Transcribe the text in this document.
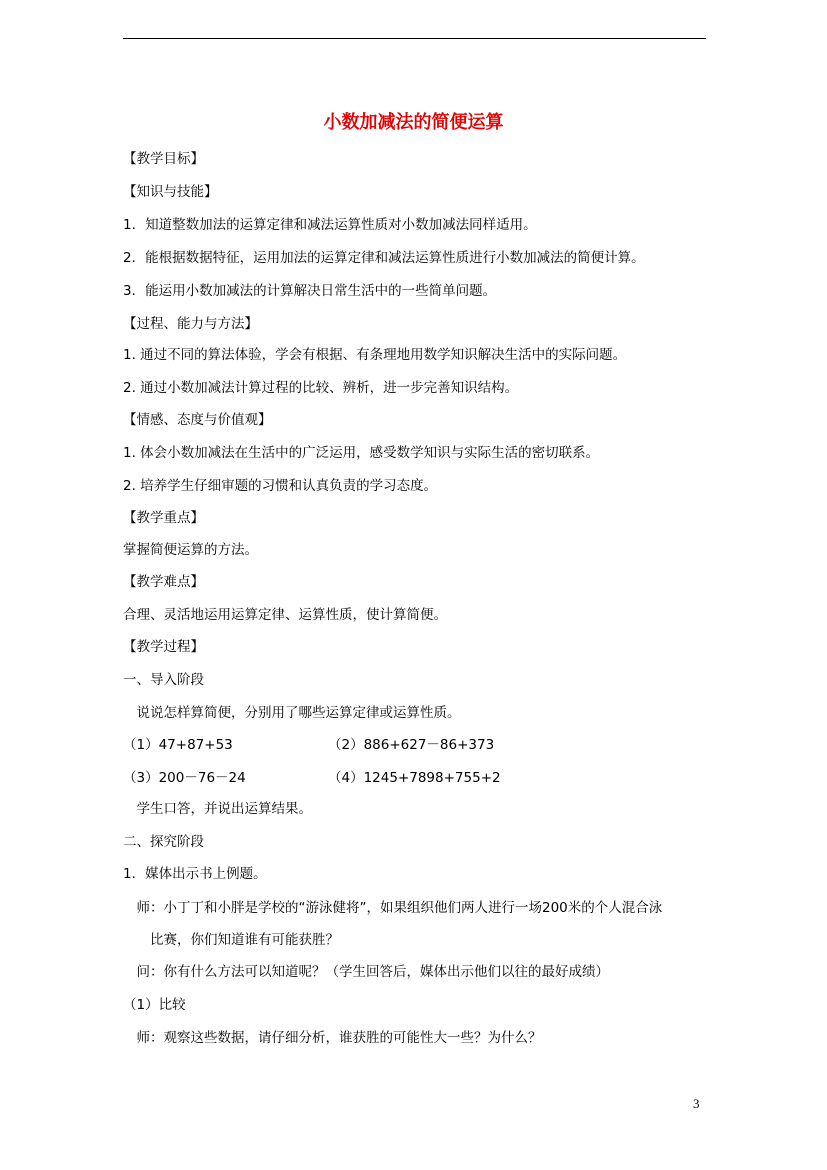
小数加减法的简便运算
【教学目标】
【知识与技能】
1．知道整数加法的运算定律和减法运算性质对小数加减法同样适用。
2．能根据数据特征，运用加法的运算定律和减法运算性质进行小数加减法的简便计算。
3．能运用小数加减法的计算解决日常生活中的一些简单问题。
【过程、能力与方法】
1. 通过不同的算法体验，学会有根据、有条理地用数学知识解决生活中的实际问题。
2. 通过小数加减法计算过程的比较、辨析，进一步完善知识结构。
【情感、态度与价值观】
1. 体会小数加减法在生活中的广泛运用，感受数学知识与实际生活的密切联系。
2. 培养学生仔细审题的习惯和认真负责的学习态度。
【教学重点】
掌握简便运算的方法。
【教学难点】
合理、灵活地运用运算定律、运算性质，使计算简便。
【教学过程】
一、导入阶段
　说说怎样算简便，分别用了哪些运算定律或运算性质。
（1）47+87+53	（2）886+627－86+373
（3）200－76－24	（4）1245+7898+755+2
　学生口答，并说出运算结果。
二、探究阶段
1．媒体出示书上例题。
　师：小丁丁和小胖是学校的“游泳健将”，如果组织他们两人进行一场200米的个人混合泳
　　比赛，你们知道谁有可能获胜？
　问：你有什么方法可以知道呢？（学生回答后，媒体出示他们以往的最好成绩）
（1）比较
　师：观察这些数据，请仔细分析，谁获胜的可能性大一些？为什么？
3
